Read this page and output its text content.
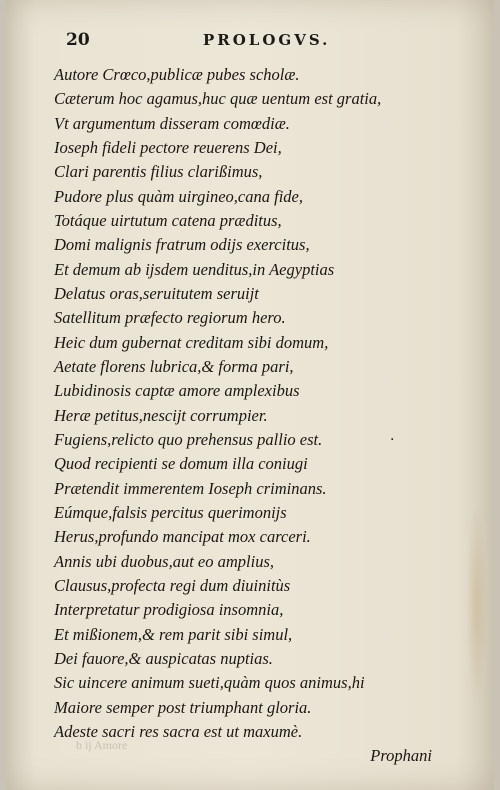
20	PROLOGVS.
Autore Crœco,publicæ pubes scholæ.
Cæterum hoc agamus,huc quæ uentum est gratia,
Vt argumentum disseram comœdiæ.
Ioseph fideli pectore reuerens Dei,
Clari parentis filius clarißimus,
Pudore plus quàm uirgineo,cana fide,
Totáque uirtutum catena præditus,
Domi malignis fratrum odijs exercitus,
Et demum ab ijsdem uenditus,in Aegyptias
Delatus oras,seruitutem seruijt
Satellitum præfecto regiorum hero.
Heic dum gubernat creditam sibi domum,
Aetate florens lubrica,& forma pari,
Lubidinosis captæ amore amplexibus
Heræ petitus,nescijt corrumpier.
Fugiens,relicto quo prehensus pallio est.
Quod recipienti se domum illa coniugi
Prætendit immerentem Ioseph criminans.
Eúmque,falsis percitus querimonijs
Herus,profundo mancipat mox carceri.
Annis ubi duobus,aut eo amplius,
Clausus,profecta regi dum diuinitùs
Interpretatur prodigiosa insomnia,
Et mißionem,& rem parit sibi simul,
Dei fauore,& auspicatas nuptias.
Sic uincere animum sueti,quàm quos animus,hi
Maiore semper post triumphant gloria.
Adeste sacri res sacra est ut maxumè.
.
b ij Amore
Prophani
